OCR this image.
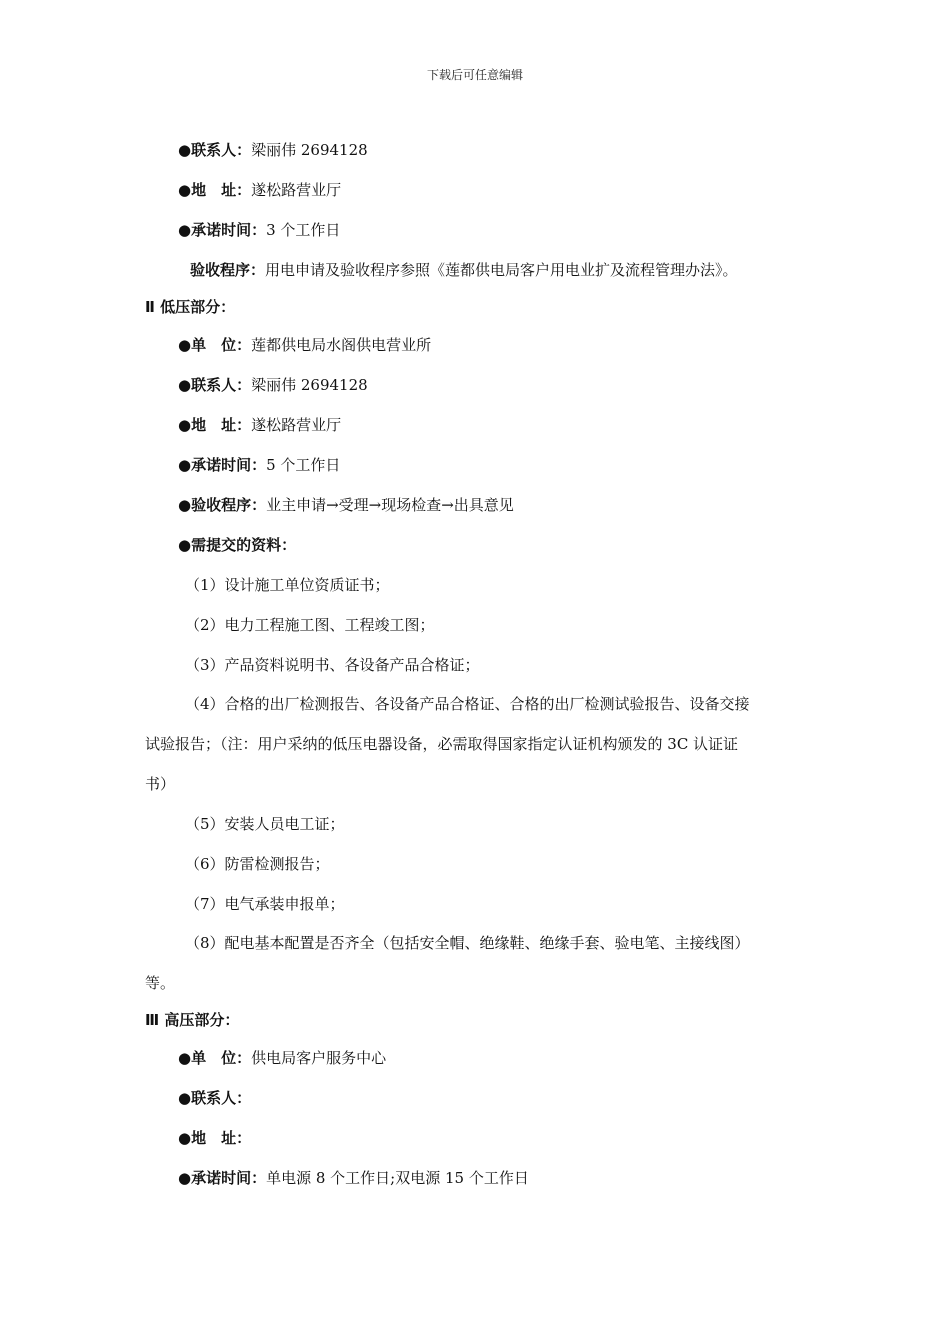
下载后可任意编辑
●联系人：梁丽伟 2694128
●地　址：遂松路营业厅
●承诺时间：3 个工作日
验收程序：用电申请及验收程序参照《莲都供电局客户用电业扩及流程管理办法》。
Ⅱ 低压部分：
●单　位：莲都供电局水阁供电营业所
●联系人：梁丽伟 2694128
●地　址：遂松路营业厅
●承诺时间：5 个工作日
●验收程序：业主申请→受理→现场检查→出具意见
●需提交的资料：
（1）设计施工单位资质证书；
（2）电力工程施工图、工程竣工图；
（3）产品资料说明书、各设备产品合格证；
（4）合格的出厂检测报告、各设备产品合格证、合格的出厂检测试验报告、设备交接
试验报告；（注：用户采纳的低压电器设备，必需取得国家指定认证机构颁发的 3C 认证证
书）
（5）安装人员电工证；
（6）防雷检测报告；
（7）电气承装申报单；
（8）配电基本配置是否齐全（包括安全帽、绝缘鞋、绝缘手套、验电笔、主接线图）
等。
Ⅲ 高压部分：
●单　位：供电局客户服务中心
●联系人：
●地　址：
●承诺时间：单电源 8 个工作日;双电源 15 个工作日
